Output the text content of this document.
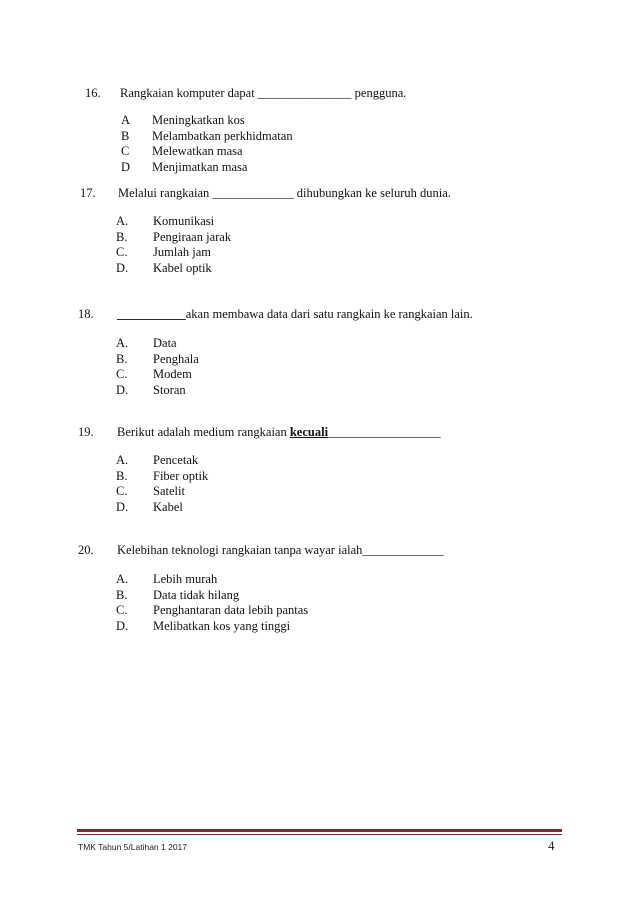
16. Rangkaian komputer dapat _______________ pengguna.
A Meningkatkan kos
B Melambatkan perkhidmatan
C Melewatkan masa
D Menjimatkan masa
17. Melalui rangkaian _____________ dihubungkan ke seluruh dunia.
A. Komunikasi
B. Pengiraan jarak
C. Jumlah jam
D. Kabel optik
18. ___________akan membawa data dari satu rangkain ke rangkaian lain.
A. Data
B. Penghala
C. Modem
D. Storan
19. Berikut adalah medium rangkaian kecuali__________________
A. Pencetak
B. Fiber optik
C. Satelit
D. Kabel
20. Kelebihan teknologi rangkaian tanpa wayar ialah_____________
A. Lebih murah
B. Data tidak hilang
C. Penghantaran data lebih pantas
D. Melibatkan kos yang tinggi
TMK Tahun 5/Latihan 1 2017	4
